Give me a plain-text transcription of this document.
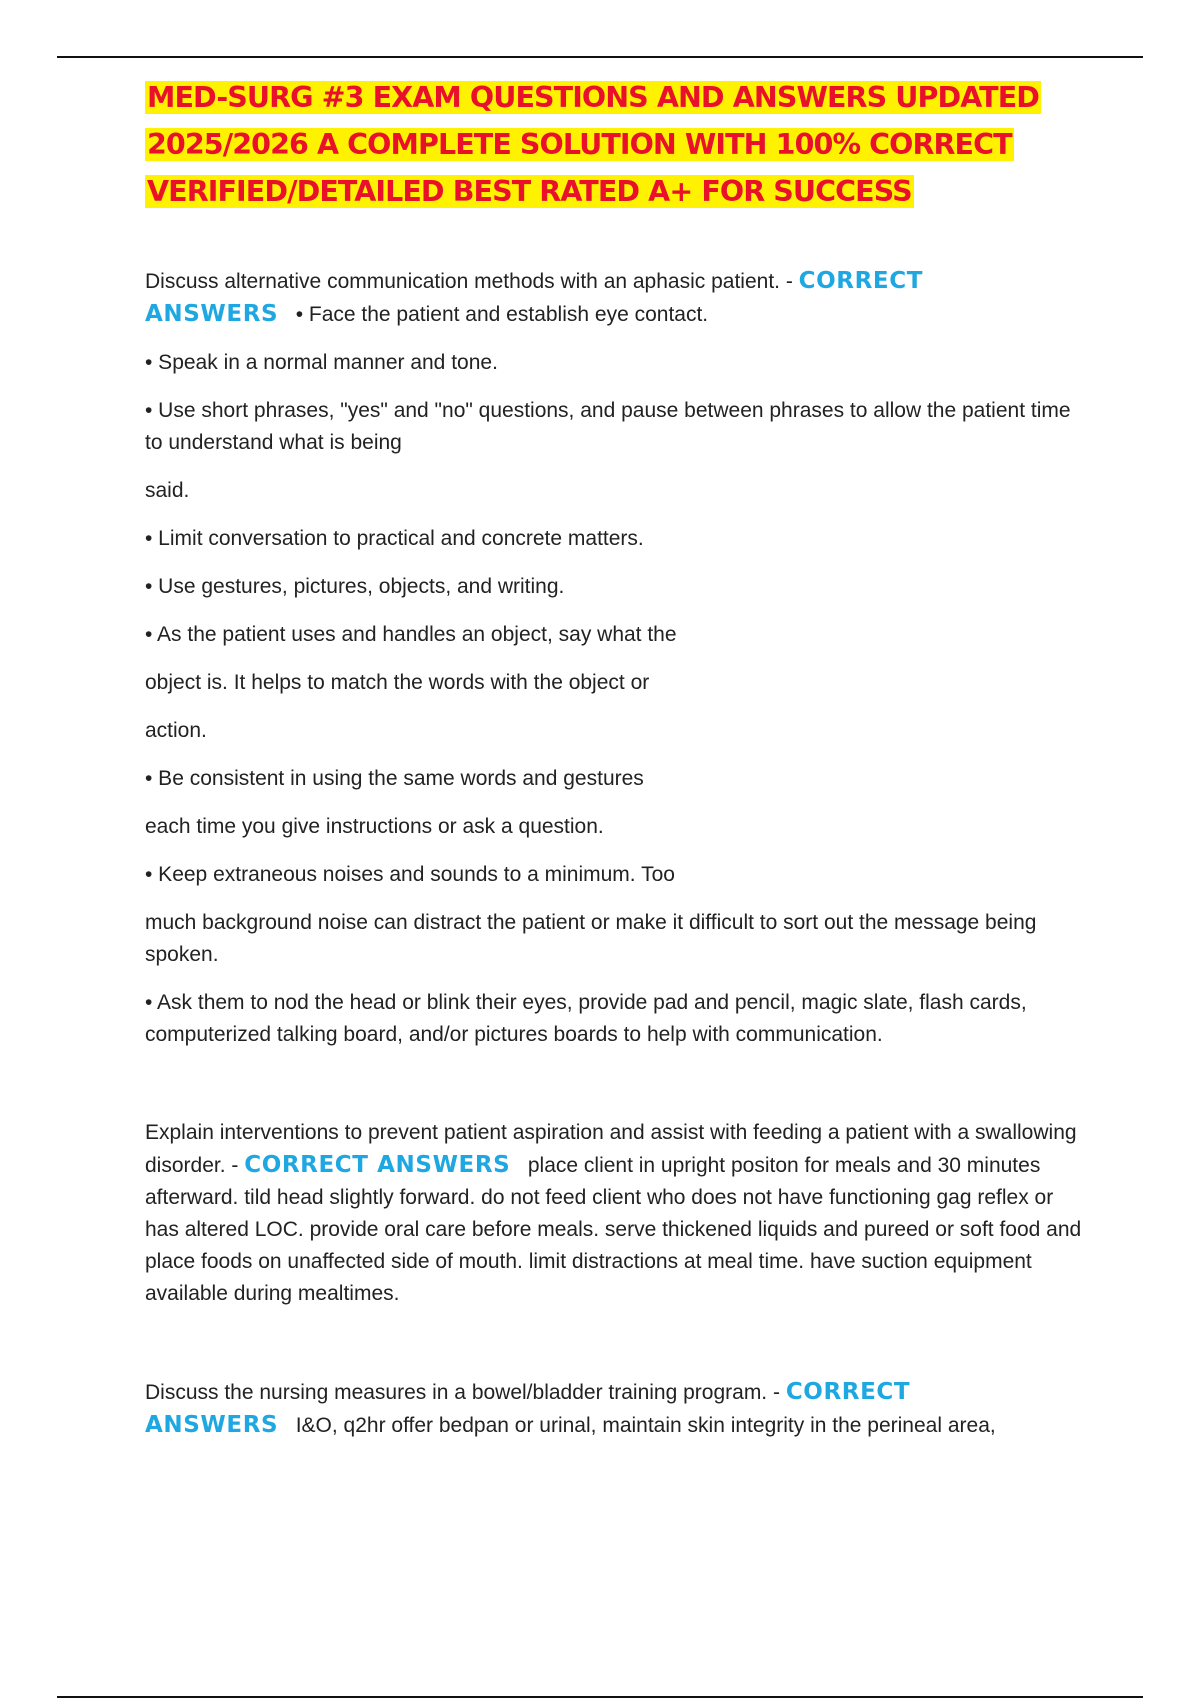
MED-SURG #3 EXAM QUESTIONS AND ANSWERS UPDATED
2025/2026 A COMPLETE SOLUTION WITH 100% CORRECT
VERIFIED/DETAILED BEST RATED A+ FOR SUCCESS

Discuss alternative communication methods with an aphasic patient. - CORRECT
ANSWERS • Face the patient and establish eye contact.

• Speak in a normal manner and tone.

• Use short phrases, "yes" and "no" questions, and pause between phrases to allow the patient time to understand what is being

said.

• Limit conversation to practical and concrete matters.

• Use gestures, pictures, objects, and writing.

• As the patient uses and handles an object, say what the

object is. It helps to match the words with the object or

action.

• Be consistent in using the same words and gestures

each time you give instructions or ask a question.

• Keep extraneous noises and sounds to a minimum. Too

much background noise can distract the patient or make it difficult to sort out the message being spoken.

• Ask them to nod the head or blink their eyes, provide pad and pencil, magic slate, flash cards, computerized talking board, and/or pictures boards to help with communication.

Explain interventions to prevent patient aspiration and assist with feeding a patient with a swallowing disorder. - CORRECT ANSWERS place client in upright positon for meals and 30 minutes afterward. tild head slightly forward. do not feed client who does not have functioning gag reflex or has altered LOC. provide oral care before meals. serve thickened liquids and pureed or soft food and place foods on unaffected side of mouth. limit distractions at meal time. have suction equipment available during mealtimes.

Discuss the nursing measures in a bowel/bladder training program. - CORRECT
ANSWERS I&O, q2hr offer bedpan or urinal, maintain skin integrity in the perineal area,
